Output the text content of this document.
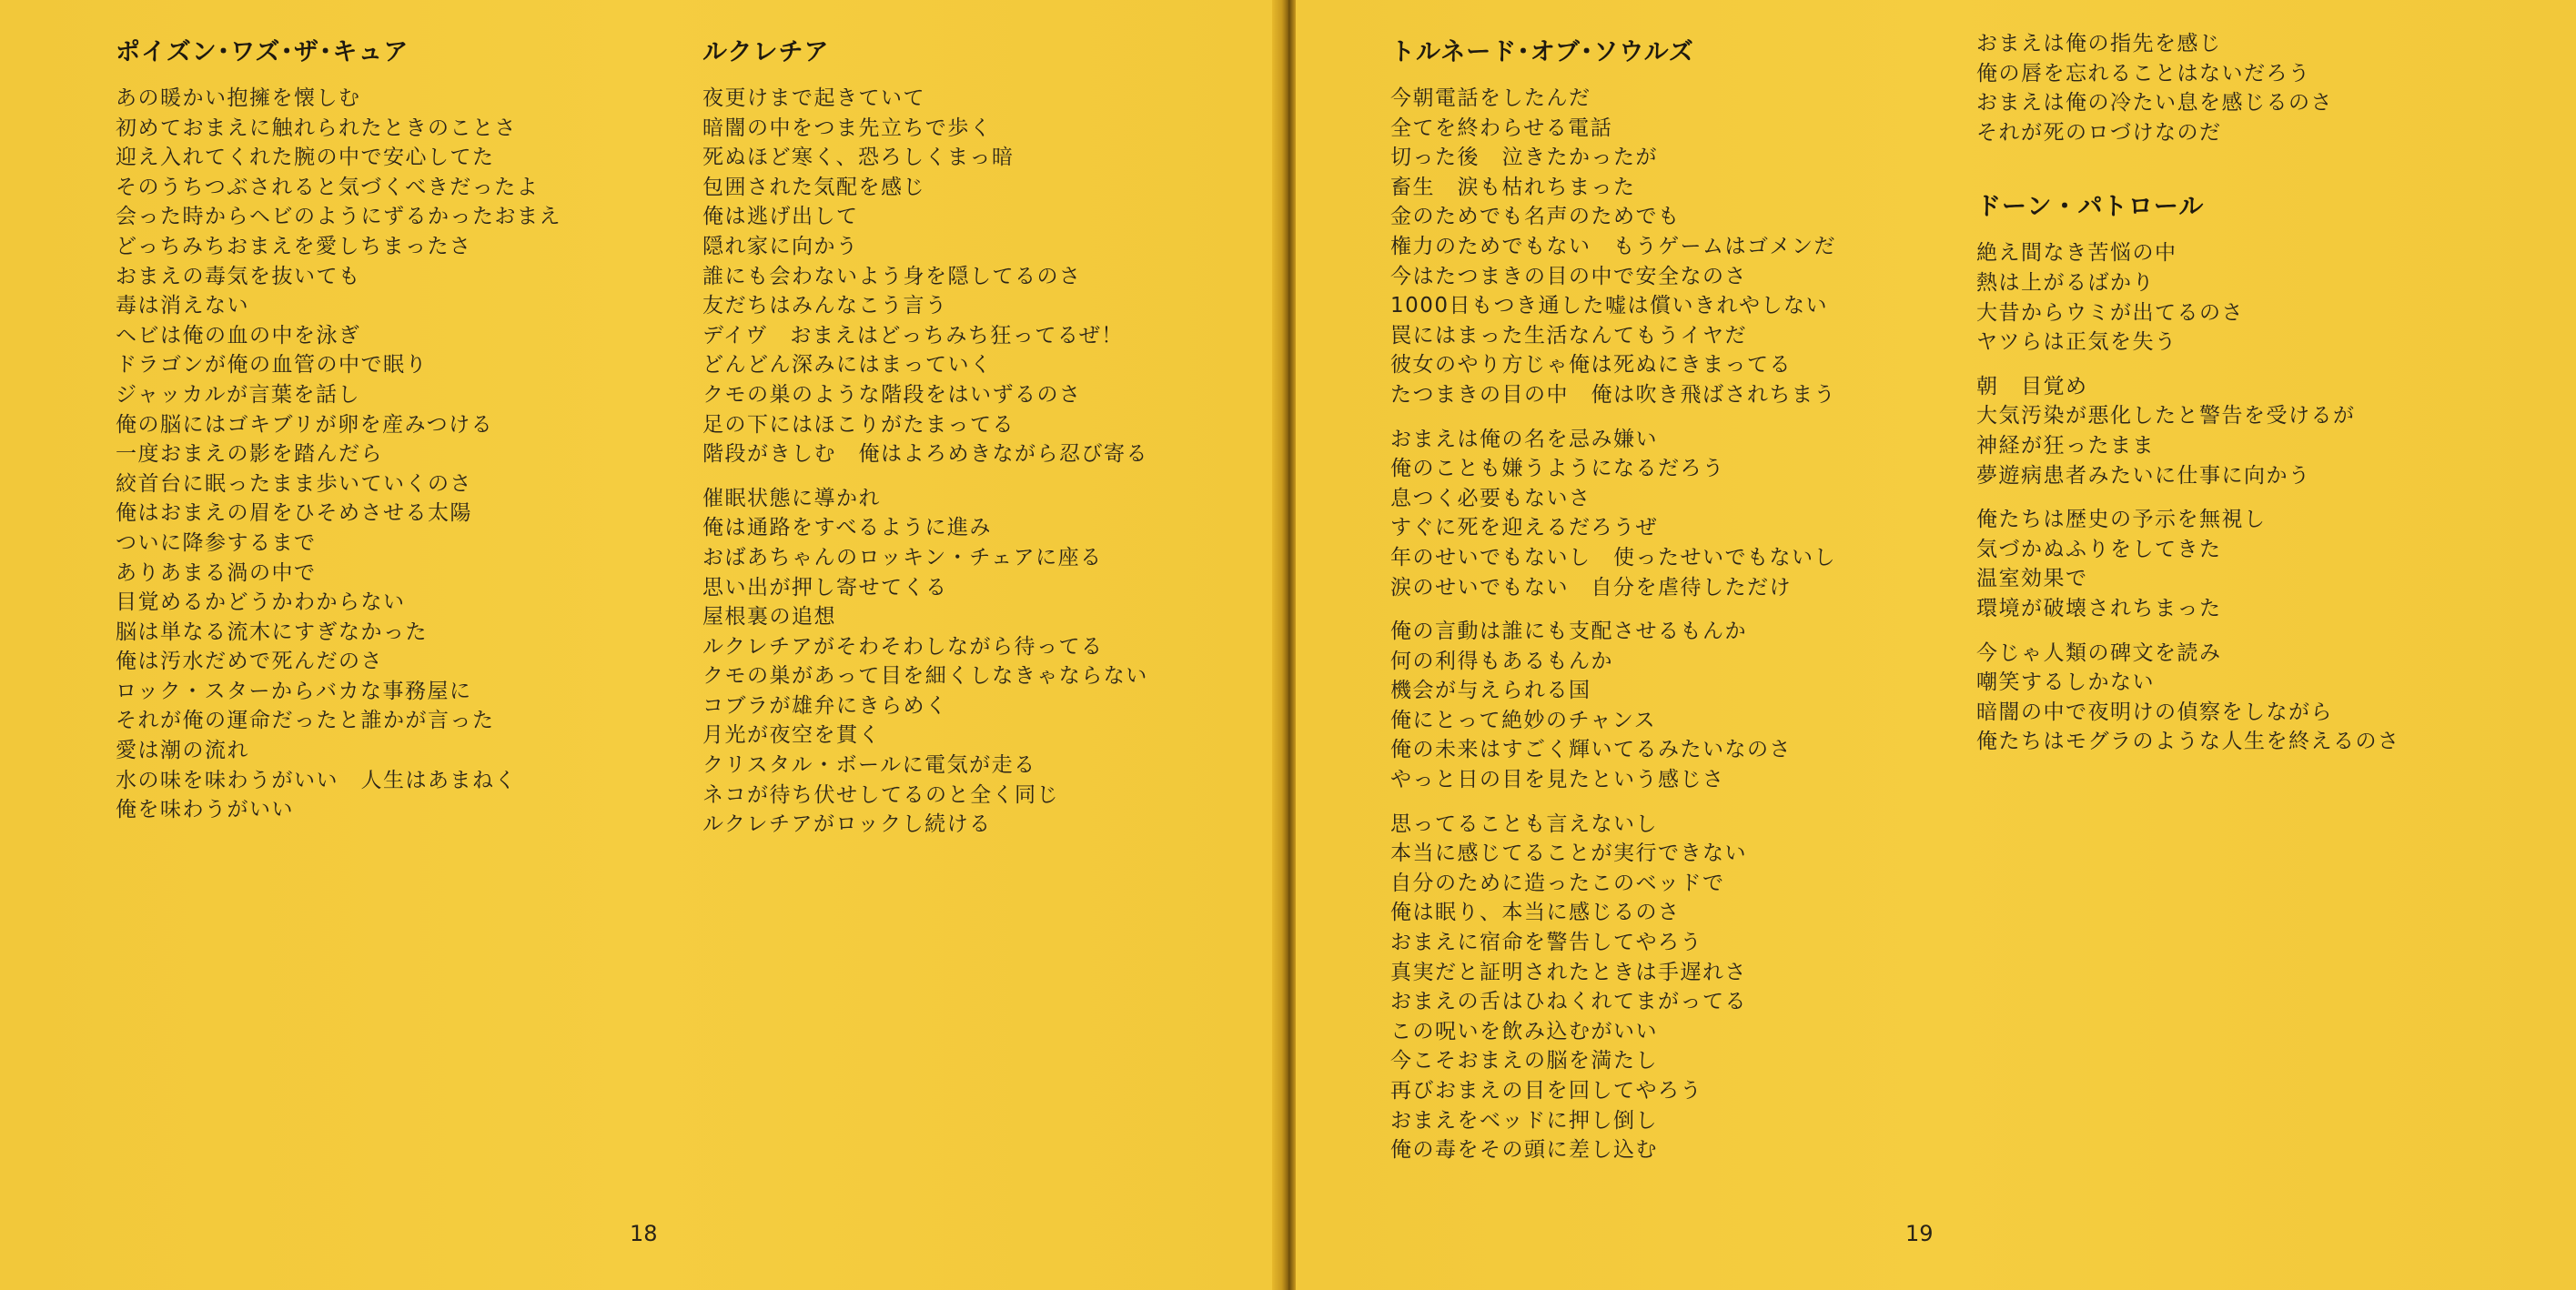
ポイズン･ワズ･ザ･キュア
あの暖かい抱擁を懐しむ
初めておまえに触れられたときのことさ
迎え入れてくれた腕の中で安心してた
そのうちつぶされると気づくべきだったよ
会った時からヘビのようにずるかったおまえ
どっちみちおまえを愛しちまったさ
おまえの毒気を抜いても
毒は消えない
ヘビは俺の血の中を泳ぎ
ドラゴンが俺の血管の中で眠り
ジャッカルが言葉を話し
俺の脳にはゴキブリが卵を産みつける
一度おまえの影を踏んだら
絞首台に眠ったまま歩いていくのさ
俺はおまえの眉をひそめさせる太陽
ついに降参するまで
ありあまる渦の中で
目覚めるかどうかわからない
脳は単なる流木にすぎなかった
俺は汚水だめで死んだのさ
ロック・スターからバカな事務屋に
それが俺の運命だったと誰かが言った
愛は潮の流れ
水の味を味わうがいい　人生はあまねく
俺を味わうがいい
ルクレチア
夜更けまで起きていて
暗闇の中をつま先立ちで歩く
死ぬほど寒く、恐ろしくまっ暗
包囲された気配を感じ
俺は逃げ出して
隠れ家に向かう
誰にも会わないよう身を隠してるのさ
友だちはみんなこう言う
デイヴ　おまえはどっちみち狂ってるぜ！
どんどん深みにはまっていく
クモの巣のような階段をはいずるのさ
足の下にはほこりがたまってる
階段がきしむ　俺はよろめきながら忍び寄る
催眠状態に導かれ
俺は通路をすべるように進み
おばあちゃんのロッキン・チェアに座る
思い出が押し寄せてくる
屋根裏の追想
ルクレチアがそわそわしながら待ってる
クモの巣があって目を細くしなきゃならない
コブラが雄弁にきらめく
月光が夜空を貫く
クリスタル・ボールに電気が走る
ネコが待ち伏せしてるのと全く同じ
ルクレチアがロックし続ける
18
トルネード･オブ･ソウルズ
今朝電話をしたんだ
全てを終わらせる電話
切った後　泣きたかったが
畜生　涙も枯れちまった
金のためでも名声のためでも
権力のためでもない　もうゲームはゴメンだ
今はたつまきの目の中で安全なのさ
1000日もつき通した嘘は償いきれやしない
罠にはまった生活なんてもうイヤだ
彼女のやり方じゃ俺は死ぬにきまってる
たつまきの目の中　俺は吹き飛ばされちまう
おまえは俺の名を忌み嫌い
俺のことも嫌うようになるだろう
息つく必要もないさ
すぐに死を迎えるだろうぜ
年のせいでもないし　使ったせいでもないし
涙のせいでもない　自分を虐待しただけ
俺の言動は誰にも支配させるもんか
何の利得もあるもんか
機会が与えられる国
俺にとって絶妙のチャンス
俺の未来はすごく輝いてるみたいなのさ
やっと日の目を見たという感じさ
思ってることも言えないし
本当に感じてることが実行できない
自分のために造ったこのベッドで
俺は眠り、本当に感じるのさ
おまえに宿命を警告してやろう
真実だと証明されたときは手遅れさ
おまえの舌はひねくれてまがってる
この呪いを飲み込むがいい
今こそおまえの脳を満たし
再びおまえの目を回してやろう
おまえをベッドに押し倒し
俺の毒をその頭に差し込む
おまえは俺の指先を感じ
俺の唇を忘れることはないだろう
おまえは俺の冷たい息を感じるのさ
それが死のロづけなのだ
ドーン・パトロール
絶え間なき苦悩の中
熱は上がるばかり
大昔からウミが出てるのさ
ヤツらは正気を失う
朝　目覚め
大気汚染が悪化したと警告を受けるが
神経が狂ったまま
夢遊病患者みたいに仕事に向かう
俺たちは歴史の予示を無視し
気づかぬふりをしてきた
温室効果で
環境が破壊されちまった
今じゃ人類の碑文を読み
嘲笑するしかない
暗闇の中で夜明けの偵察をしながら
俺たちはモグラのような人生を終えるのさ
19
